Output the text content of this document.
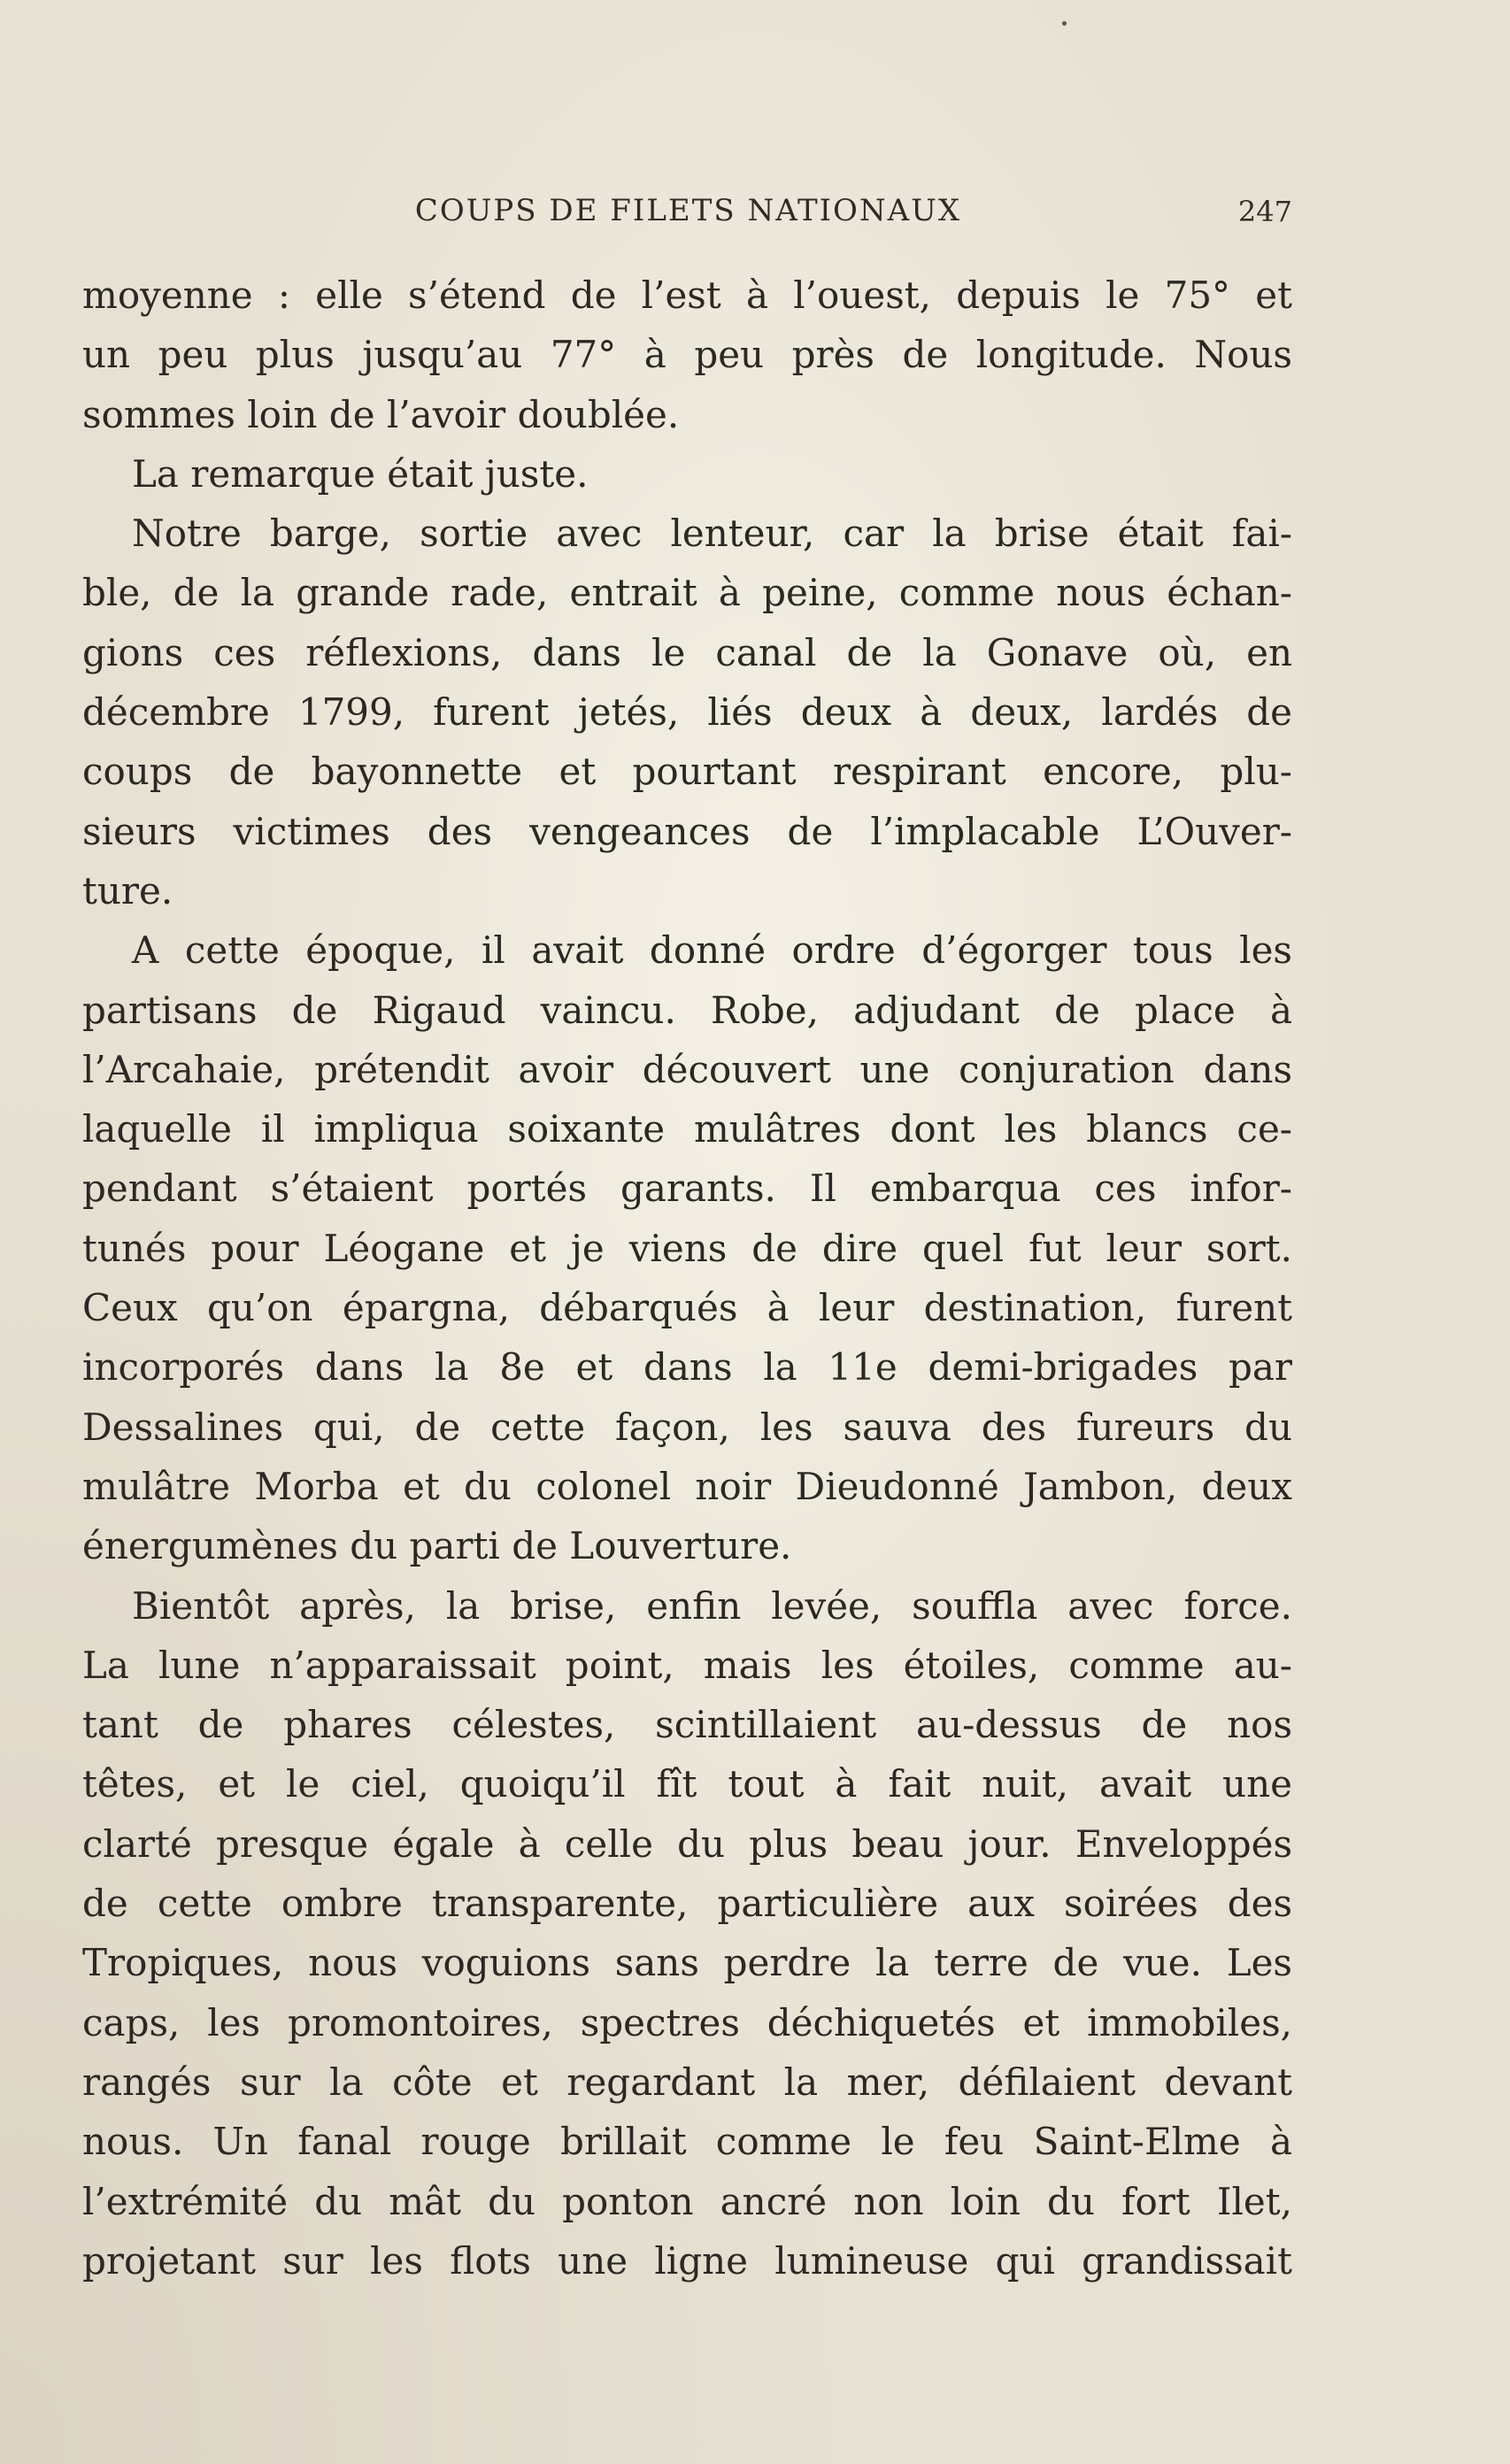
COUPS DE FILETS NATIONAUX	247
moyenne : elle s’étend de l’est à l’ouest, depuis le 75° et
un peu plus jusqu’au 77° à peu près de longitude. Nous
sommes loin de l’avoir doublée.
La remarque était juste.
Notre barge, sortie avec lenteur, car la brise était fai-
ble, de la grande rade, entrait à peine, comme nous échan-
gions ces réflexions, dans le canal de la Gonave où, en
décembre 1799, furent jetés, liés deux à deux, lardés de
coups de bayonnette et pourtant respirant encore, plu-
sieurs victimes des vengeances de l’implacable L’Ouver-
ture.
A cette époque, il avait donné ordre d’égorger tous les
partisans de Rigaud vaincu. Robe, adjudant de place à
l’Arcahaie, prétendit avoir découvert une conjuration dans
laquelle il impliqua soixante mulâtres dont les blancs ce-
pendant s’étaient portés garants. Il embarqua ces infor-
tunés pour Léogane et je viens de dire quel fut leur sort.
Ceux qu’on épargna, débarqués à leur destination, furent
incorporés dans la 8e et dans la 11e demi-brigades par
Dessalines qui, de cette façon, les sauva des fureurs du
mulâtre Morba et du colonel noir Dieudonné Jambon, deux
énergumènes du parti de Louverture.
Bientôt après, la brise, enfin levée, souffla avec force.
La lune n’apparaissait point, mais les étoiles, comme au-
tant de phares célestes, scintillaient au-dessus de nos
têtes, et le ciel, quoiqu’il fît tout à fait nuit, avait une
clarté presque égale à celle du plus beau jour. Enveloppés
de cette ombre transparente, particulière aux soirées des
Tropiques, nous voguions sans perdre la terre de vue. Les
caps, les promontoires, spectres déchiquetés et immobiles,
rangés sur la côte et regardant la mer, défilaient devant
nous. Un fanal rouge brillait comme le feu Saint-Elme à
l’extrémité du mât du ponton ancré non loin du fort Ilet,
projetant sur les flots une ligne lumineuse qui grandissait
